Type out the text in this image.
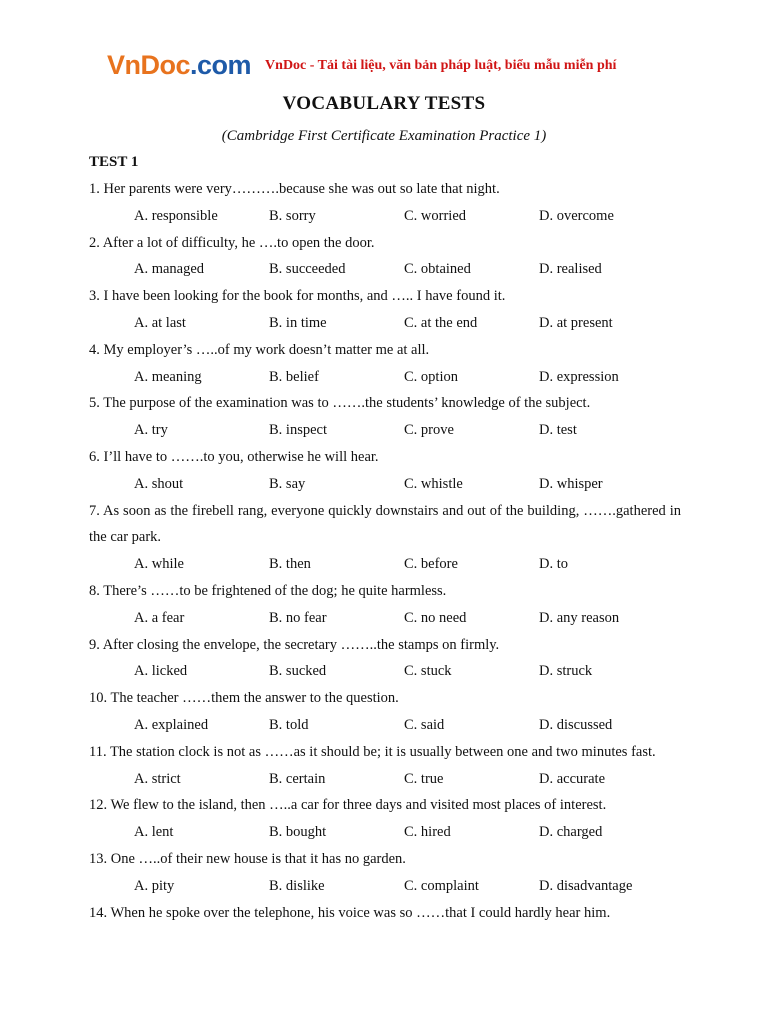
VnDoc.com VnDoc - Tải tài liệu, văn bản pháp luật, biểu mẫu miễn phí
VOCABULARY TESTS
(Cambridge First Certificate Examination Practice 1)
TEST 1
1. Her parents were very……….because she was out so late that night.
A. responsible	B. sorry	C. worried	D. overcome
2. After a lot of difficulty, he ….to open the door.
A. managed	B. succeeded	C. obtained	D. realised
3. I have been looking for the book for months, and ….. I have found it.
A. at last	B. in time	C. at the end	D. at present
4. My employer’s …..of my work doesn’t matter me at all.
A. meaning	B. belief	C. option	D. expression
5. The purpose of the examination was to …….the students’ knowledge of the subject.
A. try	B. inspect	C. prove	D. test
6. I’ll have to …….to you, otherwise he will hear.
A. shout	B. say	C. whistle	D. whisper
7. As soon as the firebell rang, everyone quickly downstairs and out of the building, …….gathered in the car park.
A. while	B. then	C. before	D. to
8. There’s ……to be frightened of the dog; he quite harmless.
A. a fear	B. no fear	C. no need	D. any reason
9. After closing the envelope, the secretary ……..the stamps on firmly.
A. licked	B. sucked	C. stuck	D. struck
10. The teacher ……them the answer to the question.
A. explained	B. told	C. said	D. discussed
11. The station clock is not as ……as it should be; it is usually between one and two minutes fast.
A. strict	B. certain	C. true	D. accurate
12. We flew to the island, then …..a car for three days and visited most places of interest.
A. lent	B. bought	C. hired	D. charged
13. One …..of their new house is that it has no garden.
A. pity	B. dislike	C. complaint	D. disadvantage
14. When he spoke over the telephone, his voice was so ……that I could hardly hear him.
